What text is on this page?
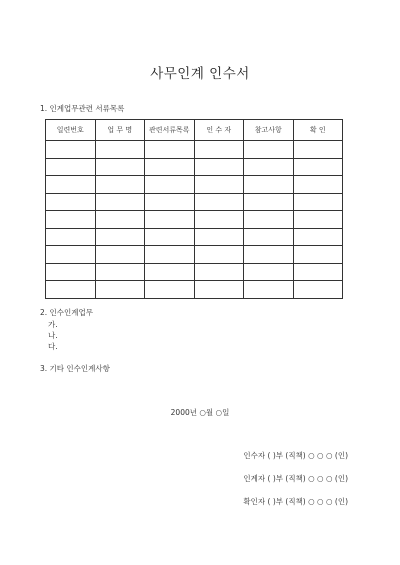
사무인계 인수서
1. 인계업무관련 서류목록
일련번호	업 무 명	관련서류목록	인 수 자	참고사항	확 인

2. 인수인계업무
가.
나.
다.
3. 기타 인수인계사항
2000년 ○월 ○일
인수자 ( )부 (직책) ○ ○ ○ (인)
인계자 ( )부 (직책) ○ ○ ○ (인)
확인자 ( )부 (직책) ○ ○ ○ (인)
